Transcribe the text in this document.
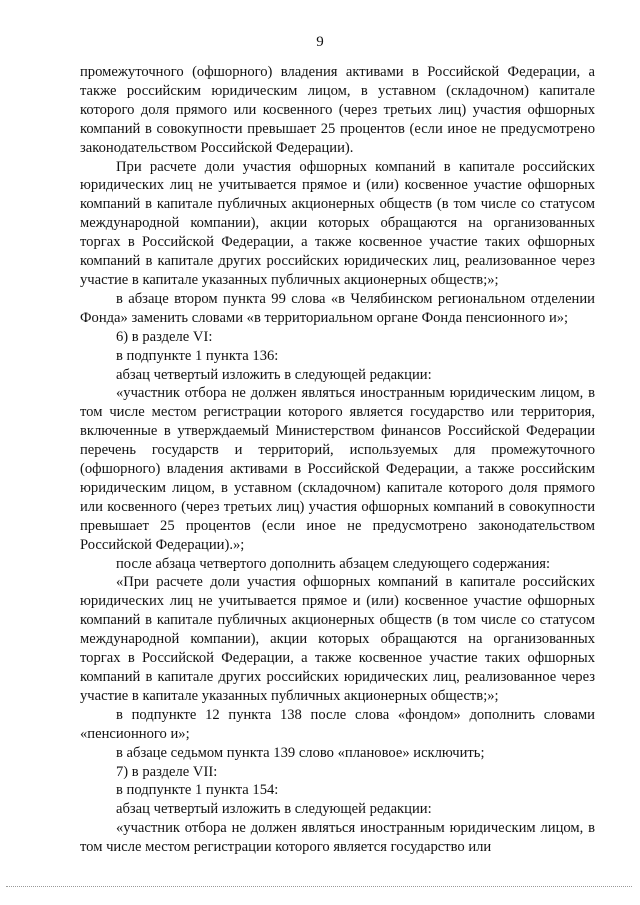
9

промежуточного (офшорного) владения активами в Российской Федерации, а также российским юридическим лицом, в уставном (складочном) капитале которого доля прямого или косвенного (через третьих лиц) участия офшорных компаний в совокупности превышает 25 процентов (если иное не предусмотрено законодательством Российской Федерации).

При расчете доли участия офшорных компаний в капитале российских юридических лиц не учитывается прямое и (или) косвенное участие офшорных компаний в капитале публичных акционерных обществ (в том числе со статусом международной компании), акции которых обращаются на организованных торгах в Российской Федерации, а также косвенное участие таких офшорных компаний в капитале других российских юридических лиц, реализованное через участие в капитале указанных публичных акционерных обществ;»;

в абзаце втором пункта 99 слова «в Челябинском региональном отделении Фонда» заменить словами «в территориальном органе Фонда пенсионного и»;

6) в разделе VI:

в подпункте 1 пункта 136:

абзац четвертый изложить в следующей редакции:

«участник отбора не должен являться иностранным юридическим лицом, в том числе местом регистрации которого является государство или территория, включенные в утверждаемый Министерством финансов Российской Федерации перечень государств и территорий, используемых для промежуточного (офшорного) владения активами в Российской Федерации, а также российским юридическим лицом, в уставном (складочном) капитале которого доля прямого или косвенного (через третьих лиц) участия офшорных компаний в совокупности превышает 25 процентов (если иное не предусмотрено законодательством Российской Федерации).»;

после абзаца четвертого дополнить абзацем следующего содержания:

«При расчете доли участия офшорных компаний в капитале российских юридических лиц не учитывается прямое и (или) косвенное участие офшорных компаний в капитале публичных акционерных обществ (в том числе со статусом международной компании), акции которых обращаются на организованных торгах в Российской Федерации, а также косвенное участие таких офшорных компаний в капитале других российских юридических лиц, реализованное через участие в капитале указанных публичных акционерных обществ;»;

в подпункте 12 пункта 138 после слова «фондом» дополнить словами «пенсионного и»;

в абзаце седьмом пункта 139 слово «плановое» исключить;

7) в разделе VII:

в подпункте 1 пункта 154:

абзац четвертый изложить в следующей редакции:

«участник отбора не должен являться иностранным юридическим лицом, в том числе местом регистрации которого является государство или
